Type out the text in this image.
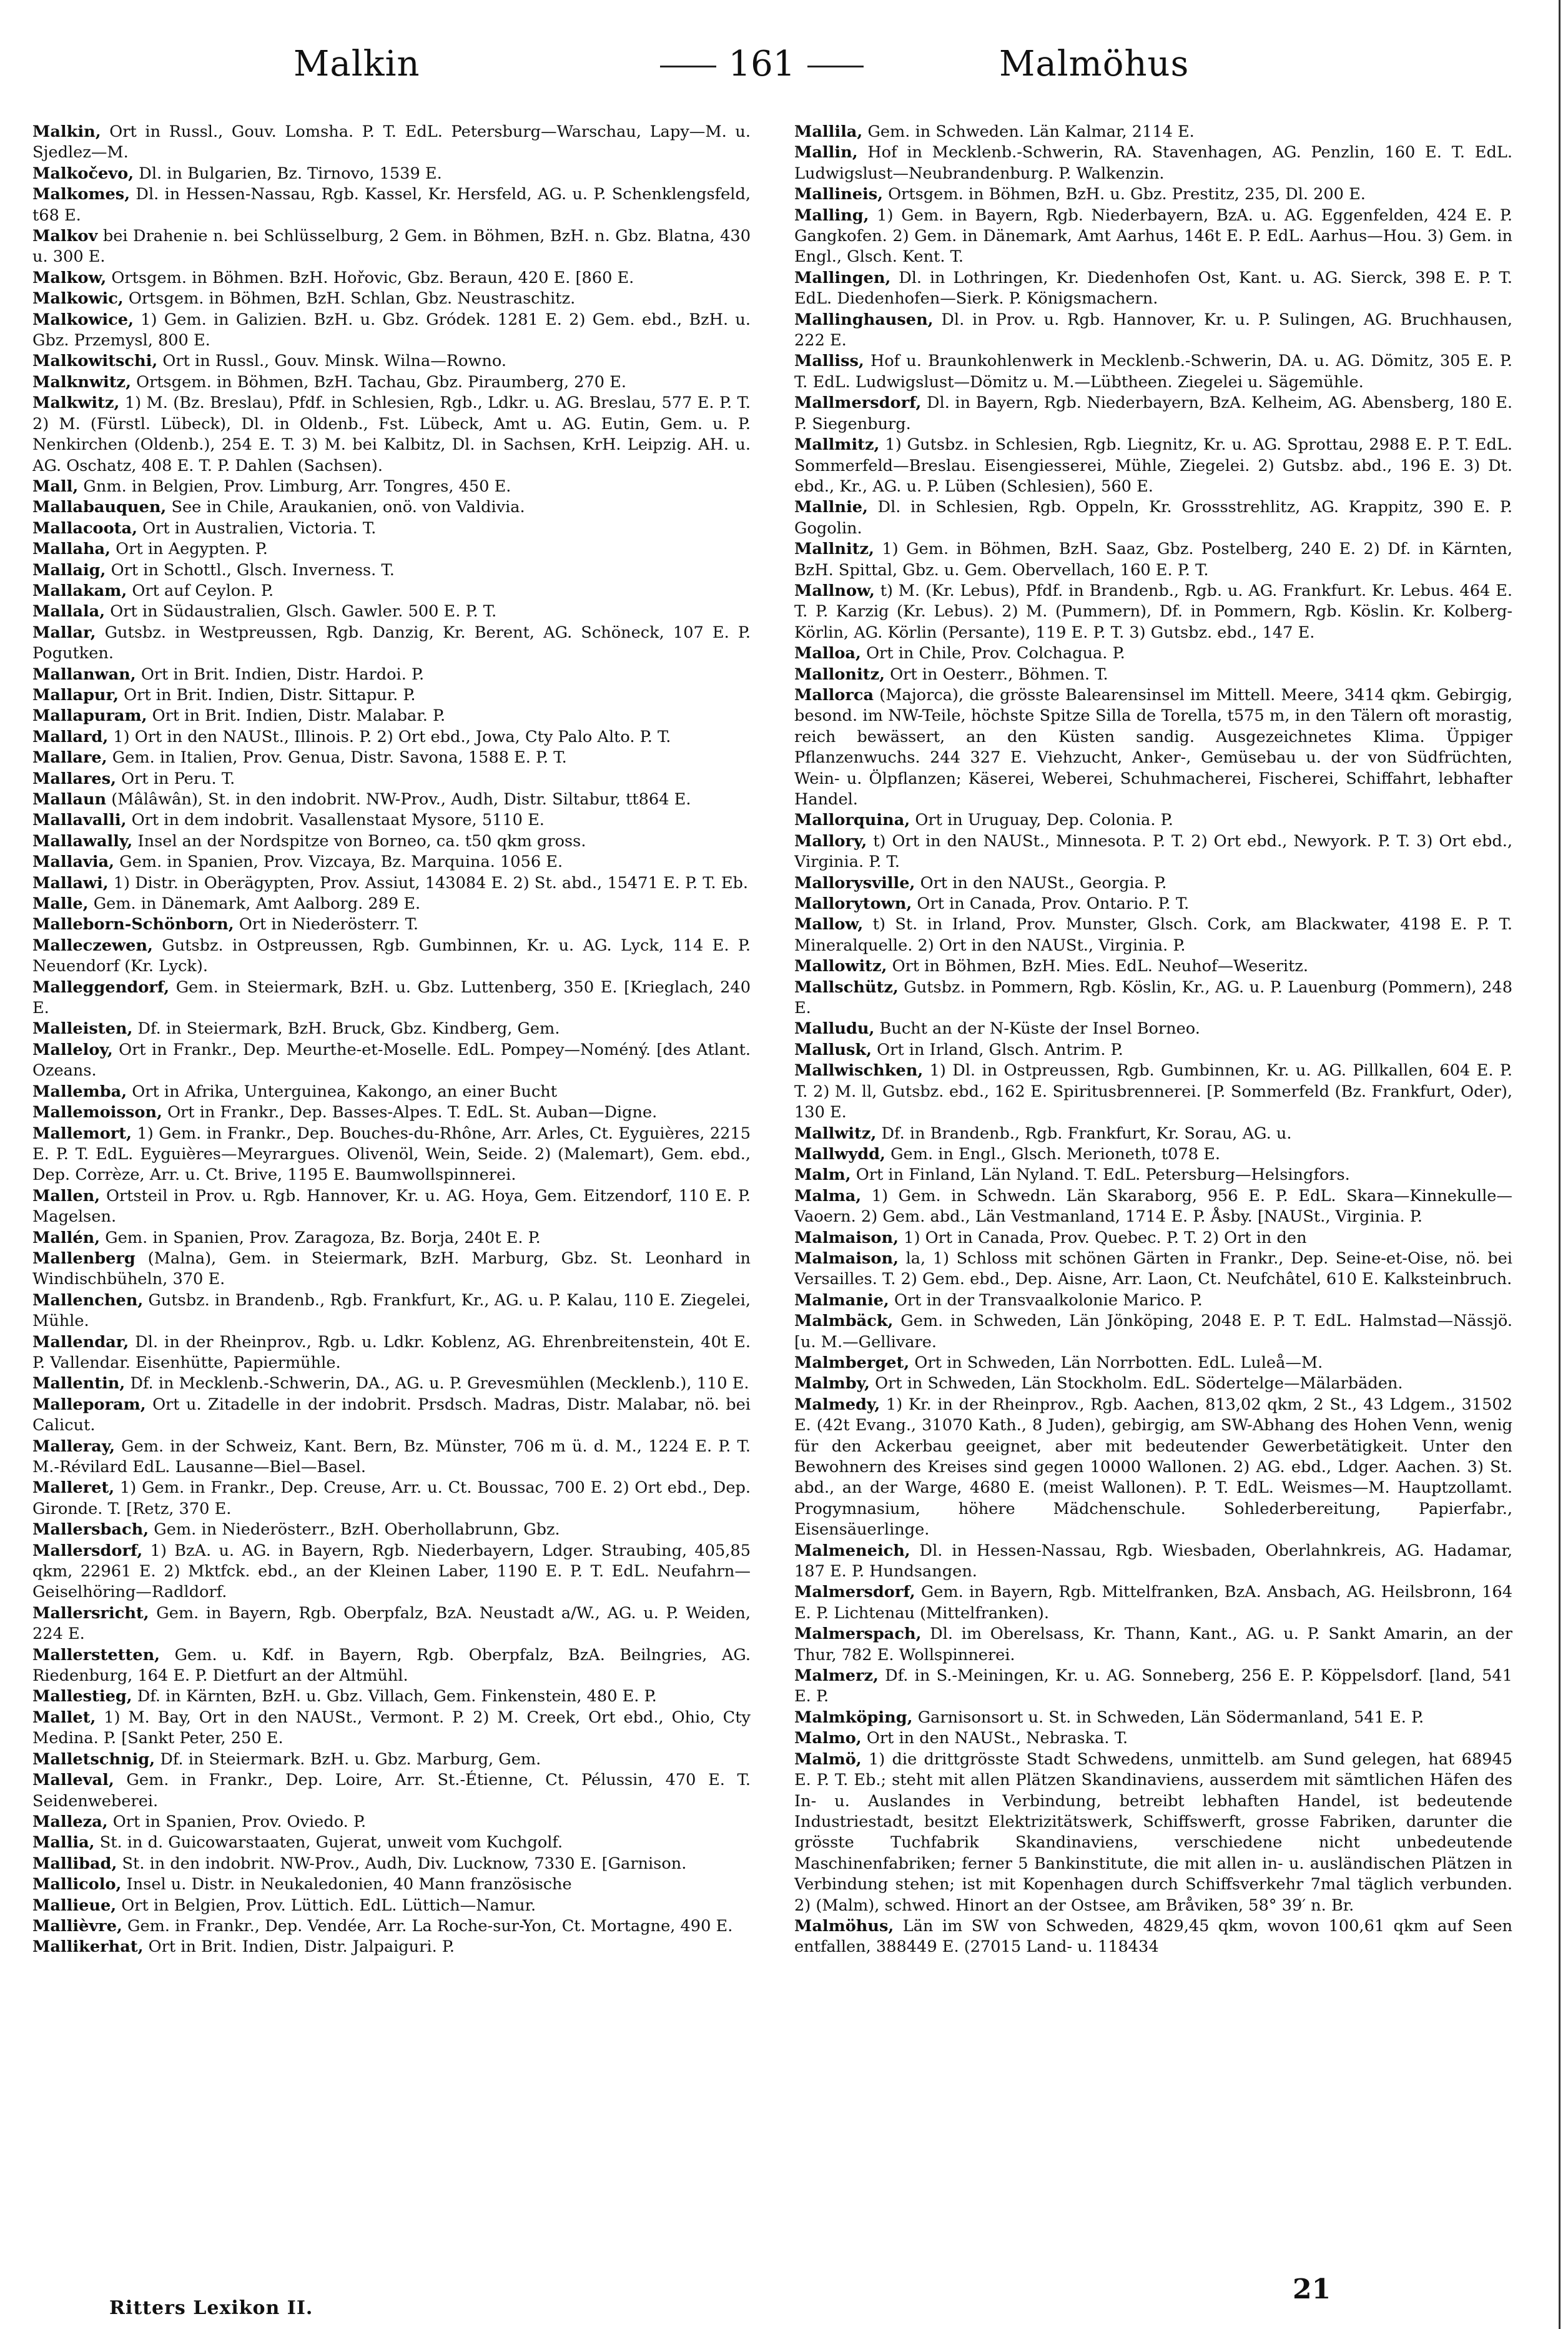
Malkin	161	Malmöhus

Malkin, Ort in Russl., Gouv. Lomsha. P. T. EdL. Petersburg—Warschau, Lapy—M. u. Sjedlez—M.

Malkočevo, Dl. in Bulgarien, Bz. Tirnovo, 1539 E.

Malkomes, Dl. in Hessen-Nassau, Rgb. Kassel, Kr. Hersfeld, AG. u. P. Schenklengsfeld, t68 E.

Malkov bei Drahenie n. bei Schlüsselburg, 2 Gem. in Böhmen, BzH. n. Gbz. Blatna, 430 u. 300 E.

Malkow, Ortsgem. in Böhmen. BzH. Hořovic, Gbz. Beraun, 420 E. [860 E.

Malkowic, Ortsgem. in Böhmen, BzH. Schlan, Gbz. Neustraschitz.

Malkowice, 1) Gem. in Galizien. BzH. u. Gbz. Gródek. 1281 E. 2) Gem. ebd., BzH. u. Gbz. Przemysl, 800 E.

Malkowitschi, Ort in Russl., Gouv. Minsk. Wilna—Rowno.

Malknwitz, Ortsgem. in Böhmen, BzH. Tachau, Gbz. Piraumberg, 270 E.

Malkwitz, 1) M. (Bz. Breslau), Pfdf. in Schlesien, Rgb., Ldkr. u. AG. Breslau, 577 E. P. T. 2) M. (Fürstl. Lübeck), Dl. in Oldenb., Fst. Lübeck, Amt u. AG. Eutin, Gem. u. P. Nenkirchen (Oldenb.), 254 E. T. 3) M. bei Kalbitz, Dl. in Sachsen, KrH. Leipzig. AH. u. AG. Oschatz, 408 E. T. P. Dahlen (Sachsen).

Mall, Gnm. in Belgien, Prov. Limburg, Arr. Tongres, 450 E.

Mallabauquen, See in Chile, Araukanien, onö. von Valdivia.

Mallacoota, Ort in Australien, Victoria. T.

Mallaha, Ort in Aegypten. P.

Mallaig, Ort in Schottl., Glsch. Inverness. T.

Mallakam, Ort auf Ceylon. P.

Mallala, Ort in Südaustralien, Glsch. Gawler. 500 E. P. T.

Mallar, Gutsbz. in Westpreussen, Rgb. Danzig, Kr. Berent, AG. Schöneck, 107 E. P. Pogutken.

Mallanwan, Ort in Brit. Indien, Distr. Hardoi. P.

Mallapur, Ort in Brit. Indien, Distr. Sittapur. P.

Mallapuram, Ort in Brit. Indien, Distr. Malabar. P.

Mallard, 1) Ort in den NAUSt., Illinois. P. 2) Ort ebd., Jowa, Cty Palo Alto. P. T.

Mallare, Gem. in Italien, Prov. Genua, Distr. Savona, 1588 E. P. T.

Mallares, Ort in Peru. T.

Mallaun (Mâlâwân), St. in den indobrit. NW-Prov., Audh, Distr. Siltabur, tt864 E.

Mallavalli, Ort in dem indobrit. Vasallenstaat Mysore, 5110 E.

Mallawally, Insel an der Nordspitze von Borneo, ca. t50 qkm gross.

Mallavia, Gem. in Spanien, Prov. Vizcaya, Bz. Marquina. 1056 E.

Mallawi, 1) Distr. in Oberägypten, Prov. Assiut, 143084 E. 2) St. abd., 15471 E. P. T. Eb.

Malle, Gem. in Dänemark, Amt Aalborg. 289 E.

Malleborn-Schönborn, Ort in Niederösterr. T.

Malleczewen, Gutsbz. in Ostpreussen, Rgb. Gumbinnen, Kr. u. AG. Lyck, 114 E. P. Neuendorf (Kr. Lyck).

Malleggendorf, Gem. in Steiermark, BzH. u. Gbz. Luttenberg, 350 E. [Krieglach, 240 E.

Malleisten, Df. in Steiermark, BzH. Bruck, Gbz. Kindberg, Gem.

Malleloy, Ort in Frankr., Dep. Meurthe-et-Moselle. EdL. Pompey—Noméný. [des Atlant. Ozeans.

Mallemba, Ort in Afrika, Unterguinea, Kakongo, an einer Bucht

Mallemoisson, Ort in Frankr., Dep. Basses-Alpes. T. EdL. St. Auban—Digne.

Mallemort, 1) Gem. in Frankr., Dep. Bouches-du-Rhône, Arr. Arles, Ct. Eyguières, 2215 E. P. T. EdL. Eyguières—Meyrargues. Olivenöl, Wein, Seide. 2) (Malemart), Gem. ebd., Dep. Corrèze, Arr. u. Ct. Brive, 1195 E. Baumwollspinnerei.

Mallen, Ortsteil in Prov. u. Rgb. Hannover, Kr. u. AG. Hoya, Gem. Eitzendorf, 110 E. P. Magelsen.

Mallén, Gem. in Spanien, Prov. Zaragoza, Bz. Borja, 240t E. P.

Mallenberg (Malna), Gem. in Steiermark, BzH. Marburg, Gbz. St. Leonhard in Windischbüheln, 370 E.

Mallenchen, Gutsbz. in Brandenb., Rgb. Frankfurt, Kr., AG. u. P. Kalau, 110 E. Ziegelei, Mühle.

Mallendar, Dl. in der Rheinprov., Rgb. u. Ldkr. Koblenz, AG. Ehrenbreitenstein, 40t E. P. Vallendar. Eisenhütte, Papiermühle.

Mallentin, Df. in Mecklenb.-Schwerin, DA., AG. u. P. Grevesmühlen (Mecklenb.), 110 E.

Malleporam, Ort u. Zitadelle in der indobrit. Prsdsch. Madras, Distr. Malabar, nö. bei Calicut.

Malleray, Gem. in der Schweiz, Kant. Bern, Bz. Münster, 706 m ü. d. M., 1224 E. P. T. M.-Révilard EdL. Lausanne—Biel—Basel.

Malleret, 1) Gem. in Frankr., Dep. Creuse, Arr. u. Ct. Boussac, 700 E. 2) Ort ebd., Dep. Gironde. T. [Retz, 370 E.

Mallersbach, Gem. in Niederösterr., BzH. Oberhollabrunn, Gbz.

Mallersdorf, 1) BzA. u. AG. in Bayern, Rgb. Niederbayern, Ldger. Straubing, 405,85 qkm, 22961 E. 2) Mktfck. ebd., an der Kleinen Laber, 1190 E. P. T. EdL. Neufahrn—Geiselhöring—Radldorf.

Mallersricht, Gem. in Bayern, Rgb. Oberpfalz, BzA. Neustadt a/W., AG. u. P. Weiden, 224 E.

Mallerstetten, Gem. u. Kdf. in Bayern, Rgb. Oberpfalz, BzA. Beilngries, AG. Riedenburg, 164 E. P. Dietfurt an der Altmühl.

Mallestieg, Df. in Kärnten, BzH. u. Gbz. Villach, Gem. Finkenstein, 480 E. P.

Mallet, 1) M. Bay, Ort in den NAUSt., Vermont. P. 2) M. Creek, Ort ebd., Ohio, Cty Medina. P. [Sankt Peter, 250 E.

Malletschnig, Df. in Steiermark. BzH. u. Gbz. Marburg, Gem.

Malleval, Gem. in Frankr., Dep. Loire, Arr. St.-Étienne, Ct. Pélussin, 470 E. T. Seidenweberei.

Malleza, Ort in Spanien, Prov. Oviedo. P.

Mallia, St. in d. Guicowarstaaten, Gujerat, unweit vom Kuchgolf.

Mallibad, St. in den indobrit. NW-Prov., Audh, Div. Lucknow, 7330 E. [Garnison.

Mallicolo, Insel u. Distr. in Neukaledonien, 40 Mann französische

Mallieue, Ort in Belgien, Prov. Lüttich. EdL. Lüttich—Namur.

Mallièvre, Gem. in Frankr., Dep. Vendée, Arr. La Roche-sur-Yon, Ct. Mortagne, 490 E.

Mallikerhat, Ort in Brit. Indien, Distr. Jalpaiguri. P.

Mallila, Gem. in Schweden. Län Kalmar, 2114 E.

Mallin, Hof in Mecklenb.-Schwerin, RA. Stavenhagen, AG. Penzlin, 160 E. T. EdL. Ludwigslust—Neubrandenburg. P. Walkenzin.

Mallineis, Ortsgem. in Böhmen, BzH. u. Gbz. Prestitz, 235, Dl. 200 E.

Malling, 1) Gem. in Bayern, Rgb. Niederbayern, BzA. u. AG. Eggenfelden, 424 E. P. Gangkofen. 2) Gem. in Dänemark, Amt Aarhus, 146t E. P. EdL. Aarhus—Hou. 3) Gem. in Engl., Glsch. Kent. T.

Mallingen, Dl. in Lothringen, Kr. Diedenhofen Ost, Kant. u. AG. Sierck, 398 E. P. T. EdL. Diedenhofen—Sierk. P. Königsmachern.

Mallinghausen, Dl. in Prov. u. Rgb. Hannover, Kr. u. P. Sulingen, AG. Bruchhausen, 222 E.

Malliss, Hof u. Braunkohlenwerk in Mecklenb.-Schwerin, DA. u. AG. Dömitz, 305 E. P. T. EdL. Ludwigslust—Dömitz u. M.—Lübtheen. Ziegelei u. Sägemühle.

Mallmersdorf, Dl. in Bayern, Rgb. Niederbayern, BzA. Kelheim, AG. Abensberg, 180 E. P. Siegenburg.

Mallmitz, 1) Gutsbz. in Schlesien, Rgb. Liegnitz, Kr. u. AG. Sprottau, 2988 E. P. T. EdL. Sommerfeld—Breslau. Eisengiesserei, Mühle, Ziegelei. 2) Gutsbz. abd., 196 E. 3) Dt. ebd., Kr., AG. u. P. Lüben (Schlesien), 560 E.

Mallnie, Dl. in Schlesien, Rgb. Oppeln, Kr. Grossstrehlitz, AG. Krappitz, 390 E. P. Gogolin.

Mallnitz, 1) Gem. in Böhmen, BzH. Saaz, Gbz. Postelberg, 240 E. 2) Df. in Kärnten, BzH. Spittal, Gbz. u. Gem. Obervellach, 160 E. P. T.

Mallnow, t) M. (Kr. Lebus), Pfdf. in Brandenb., Rgb. u. AG. Frankfurt. Kr. Lebus. 464 E. T. P. Karzig (Kr. Lebus). 2) M. (Pummern), Df. in Pommern, Rgb. Köslin. Kr. Kolberg-Körlin, AG. Körlin (Persante), 119 E. P. T. 3) Gutsbz. ebd., 147 E.

Malloa, Ort in Chile, Prov. Colchagua. P.

Mallonitz, Ort in Oesterr., Böhmen. T.

Mallorca (Majorca), die grösste Balearensinsel im Mittell. Meere, 3414 qkm. Gebirgig, besond. im NW-Teile, höchste Spitze Silla de Torella, t575 m, in den Tälern oft morastig, reich bewässert, an den Küsten sandig. Ausgezeichnetes Klima. Üppiger Pflanzenwuchs. 244 327 E. Viehzucht, Anker-, Gemüsebau u. der von Südfrüchten, Wein- u. Ölpflanzen; Käserei, Weberei, Schuhmacherei, Fischerei, Schiffahrt, lebhafter Handel.

Mallorquina, Ort in Uruguay, Dep. Colonia. P.

Mallory, t) Ort in den NAUSt., Minnesota. P. T. 2) Ort ebd., Newyork. P. T. 3) Ort ebd., Virginia. P. T.

Mallorysville, Ort in den NAUSt., Georgia. P.

Mallorytown, Ort in Canada, Prov. Ontario. P. T.

Mallow, t) St. in Irland, Prov. Munster, Glsch. Cork, am Blackwater, 4198 E. P. T. Mineralquelle. 2) Ort in den NAUSt., Virginia. P.

Mallowitz, Ort in Böhmen, BzH. Mies. EdL. Neuhof—Weseritz.

Mallschütz, Gutsbz. in Pommern, Rgb. Köslin, Kr., AG. u. P. Lauenburg (Pommern), 248 E.

Malludu, Bucht an der N-Küste der Insel Borneo.

Mallusk, Ort in Irland, Glsch. Antrim. P.

Mallwischken, 1) Dl. in Ostpreussen, Rgb. Gumbinnen, Kr. u. AG. Pillkallen, 604 E. P. T. 2) M. ll, Gutsbz. ebd., 162 E. Spiritusbrennerei. [P. Sommerfeld (Bz. Frankfurt, Oder), 130 E.

Mallwitz, Df. in Brandenb., Rgb. Frankfurt, Kr. Sorau, AG. u.

Mallwydd, Gem. in Engl., Glsch. Merioneth, t078 E.

Malm, Ort in Finland, Län Nyland. T. EdL. Petersburg—Helsingfors.

Malma, 1) Gem. in Schwedn. Län Skaraborg, 956 E. P. EdL. Skara—Kinnekulle—Vaoern. 2) Gem. abd., Län Vestmanland, 1714 E. P. Åsby. [NAUSt., Virginia. P.

Malmaison, 1) Ort in Canada, Prov. Quebec. P. T. 2) Ort in den

Malmaison, la, 1) Schloss mit schönen Gärten in Frankr., Dep. Seine-et-Oise, nö. bei Versailles. T. 2) Gem. ebd., Dep. Aisne, Arr. Laon, Ct. Neufchâtel, 610 E. Kalksteinbruch.

Malmanie, Ort in der Transvaalkolonie Marico. P.

Malmbäck, Gem. in Schweden, Län Jönköping, 2048 E. P. T. EdL. Halmstad—Nässjö. [u. M.—Gellivare.

Malmberget, Ort in Schweden, Län Norrbotten. EdL. Luleå—M.

Malmby, Ort in Schweden, Län Stockholm. EdL. Södertelge—Mälarbäden.

Malmedy, 1) Kr. in der Rheinprov., Rgb. Aachen, 813,02 qkm, 2 St., 43 Ldgem., 31502 E. (42t Evang., 31070 Kath., 8 Juden), gebirgig, am SW-Abhang des Hohen Venn, wenig für den Ackerbau geeignet, aber mit bedeutender Gewerbetätigkeit. Unter den Bewohnern des Kreises sind gegen 10000 Wallonen. 2) AG. ebd., Ldger. Aachen. 3) St. abd., an der Warge, 4680 E. (meist Wallonen). P. T. EdL. Weismes—M. Hauptzollamt. Progymnasium, höhere Mädchenschule. Sohlederbereitung, Papierfabr., Eisensäuerlinge.

Malmeneich, Dl. in Hessen-Nassau, Rgb. Wiesbaden, Oberlahnkreis, AG. Hadamar, 187 E. P. Hundsangen.

Malmersdorf, Gem. in Bayern, Rgb. Mittelfranken, BzA. Ansbach, AG. Heilsbronn, 164 E. P. Lichtenau (Mittelfranken).

Malmerspach, Dl. im Oberelsass, Kr. Thann, Kant., AG. u. P. Sankt Amarin, an der Thur, 782 E. Wollspinnerei.

Malmerz, Df. in S.-Meiningen, Kr. u. AG. Sonneberg, 256 E. P. Köppelsdorf. [land, 541 E. P.

Malmköping, Garnisonsort u. St. in Schweden, Län Södermanland, 541 E. P.

Malmo, Ort in den NAUSt., Nebraska. T.

Malmö, 1) die drittgrösste Stadt Schwedens, unmittelb. am Sund gelegen, hat 68945 E. P. T. Eb.; steht mit allen Plätzen Skandinaviens, ausserdem mit sämtlichen Häfen des In- u. Auslandes in Verbindung, betreibt lebhaften Handel, ist bedeutende Industriestadt, besitzt Elektrizitätswerk, Schiffswerft, grosse Fabriken, darunter die grösste Tuchfabrik Skandinaviens, verschiedene nicht unbedeutende Maschinenfabriken; ferner 5 Bankinstitute, die mit allen in- u. ausländischen Plätzen in Verbindung stehen; ist mit Kopenhagen durch Schiffsverkehr 7mal täglich verbunden. 2) (Malm), schwed. Hinort an der Ostsee, am Bråviken, 58° 39′ n. Br.

Malmöhus, Län im SW von Schweden, 4829,45 qkm, wovon 100,61 qkm auf Seen entfallen, 388449 E. (27015 Land- u. 118434

Ritters Lexikon II.
21
